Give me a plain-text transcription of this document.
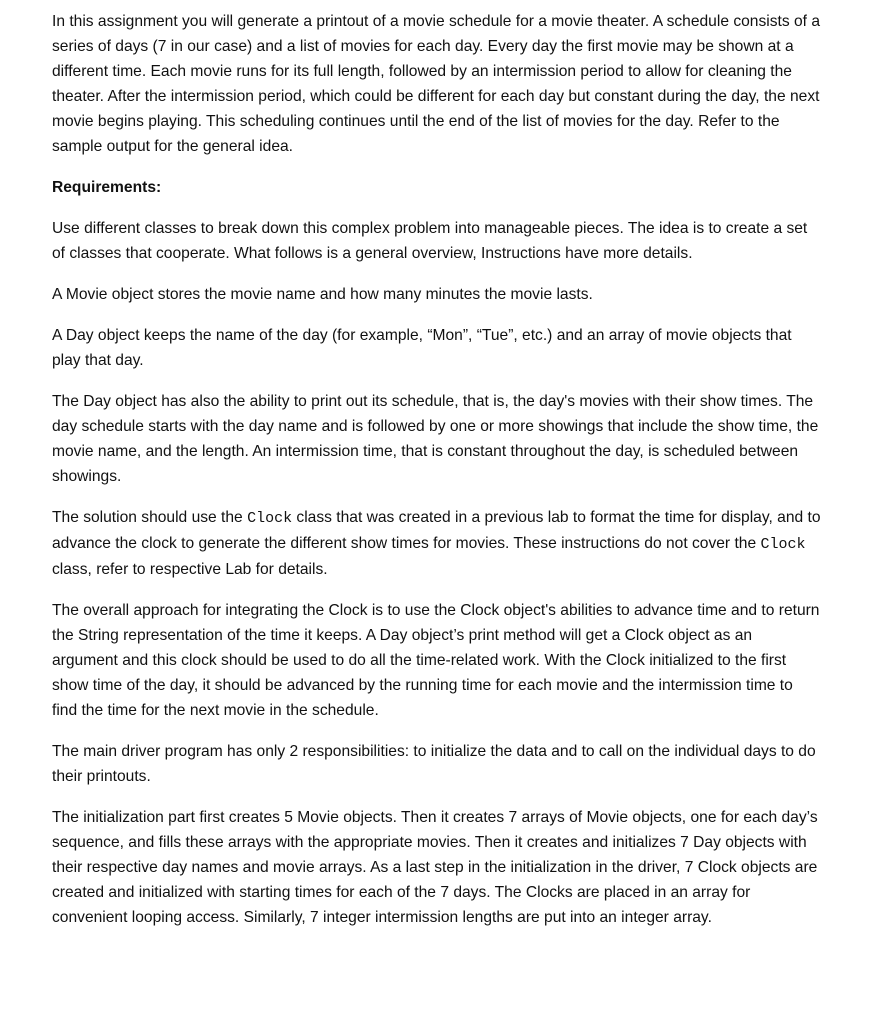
In this assignment you will generate a printout of a movie schedule for a movie theater. A schedule consists of a series of days (7 in our case) and a list of movies for each day. Every day the first movie may be shown at a different time. Each movie runs for its full length, followed by an intermission period to allow for cleaning the theater. After the intermission period, which could be different for each day but constant during the day, the next movie begins playing. This scheduling continues until the end of the list of movies for the day. Refer to the sample output for the general idea.

Requirements:

Use different classes to break down this complex problem into manageable pieces. The idea is to create a set of classes that cooperate. What follows is a general overview, Instructions have more details.

A Movie object stores the movie name and how many minutes the movie lasts.

A Day object keeps the name of the day (for example, “Mon”, “Tue”, etc.) and an array of movie objects that play that day.

The Day object has also the ability to print out its schedule, that is, the day's movies with their show times. The day schedule starts with the day name and is followed by one or more showings that include the show time, the movie name, and the length. An intermission time, that is constant throughout the day, is scheduled between showings.

The solution should use the Clock class that was created in a previous lab to format the time for display, and to advance the clock to generate the different show times for movies. These instructions do not cover the Clock class, refer to respective Lab for details.

The overall approach for integrating the Clock is to use the Clock object's abilities to advance time and to return the String representation of the time it keeps. A Day object’s print method will get a Clock object as an argument and this clock should be used to do all the time-related work. With the Clock initialized to the first show time of the day, it should be advanced by the running time for each movie and the intermission time to find the time for the next movie in the schedule.

The main driver program has only 2 responsibilities: to initialize the data and to call on the individual days to do their printouts.

The initialization part first creates 5 Movie objects. Then it creates 7 arrays of Movie objects, one for each day’s sequence, and fills these arrays with the appropriate movies. Then it creates and initializes 7 Day objects with their respective day names and movie arrays. As a last step in the initialization in the driver, 7 Clock objects are created and initialized with starting times for each of the 7 days. The Clocks are placed in an array for convenient looping access. Similarly, 7 integer intermission lengths are put into an integer array.
